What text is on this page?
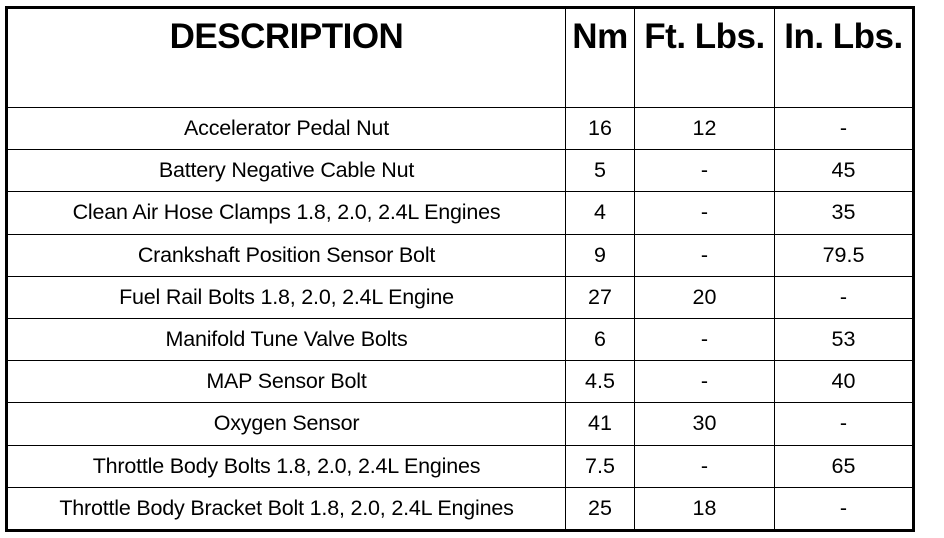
DESCRIPTION	Nm	Ft. Lbs.	In. Lbs.
Accelerator Pedal Nut	16	12	-
Battery Negative Cable Nut	5	-	45
Clean Air Hose Clamps 1.8, 2.0, 2.4L Engines	4	-	35
Crankshaft Position Sensor Bolt	9	-	79.5
Fuel Rail Bolts 1.8, 2.0, 2.4L Engine	27	20	-
Manifold Tune Valve Bolts	6	-	53
MAP Sensor Bolt	4.5	-	40
Oxygen Sensor	41	30	-
Throttle Body Bolts 1.8, 2.0, 2.4L Engines	7.5	-	65
Throttle Body Bracket Bolt 1.8, 2.0, 2.4L Engines	25	18	-
